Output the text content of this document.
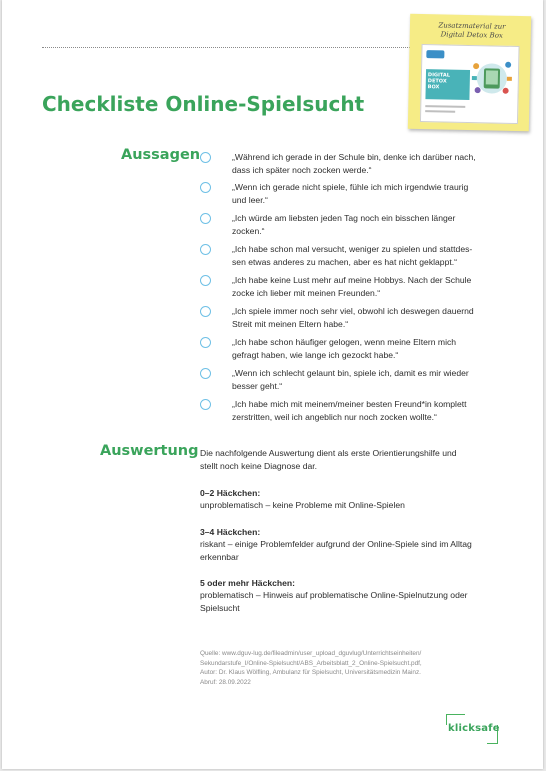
Zusatzmaterial zur
Digital Detox Box
DIGITAL
DETOX
BOX
Checkliste Online-Spielsucht
Aussagen	„Während ich gerade in der Schule bin, denke ich darüber nach,
dass ich später noch zocken werde.“
„Wenn ich gerade nicht spiele, fühle ich mich irgendwie traurig
und leer.“
„Ich würde am liebsten jeden Tag noch ein bisschen länger
zocken.“
„Ich habe schon mal versucht, weniger zu spielen und stattdes-
sen etwas anderes zu machen, aber es hat nicht geklappt.“
„Ich habe keine Lust mehr auf meine Hobbys. Nach der Schule
zocke ich lieber mit meinen Freunden.“
„Ich spiele immer noch sehr viel, obwohl ich deswegen dauernd
Streit mit meinen Eltern habe.“
„Ich habe schon häufiger gelogen, wenn meine Eltern mich
gefragt haben, wie lange ich gezockt habe.“
„Wenn ich schlecht gelaunt bin, spiele ich, damit es mir wieder
besser geht.“
„Ich habe mich mit meinem/meiner besten Freund*in komplett
zerstritten, weil ich angeblich nur noch zocken wollte.“
Auswertung Die nachfolgende Auswertung dient als erste Orientierungshilfe und
stellt noch keine Diagnose dar.
0–2 Häckchen:
unproblematisch – keine Probleme mit Online-Spielen
3–4 Häckchen:
riskant – einige Problemfelder aufgrund der Online-Spiele sind im Alltag
erkennbar
5 oder mehr Häckchen:
problematisch – Hinweis auf problematische Online-Spielnutzung oder
Spielsucht
Quelle: www.dguv-lug.de/fileadmin/user_upload_dguvlug/Unterrichtseinheiten/
Sekundarstufe_I/Online-Spielsucht/ABS_Arbeitsblatt_2_Online-Spielsucht.pdf,
Autor: Dr. Klaus Wölfling, Ambulanz für Spielsucht, Universitätsmedizin Mainz.
Abruf: 28.09.2022
klicksafe
